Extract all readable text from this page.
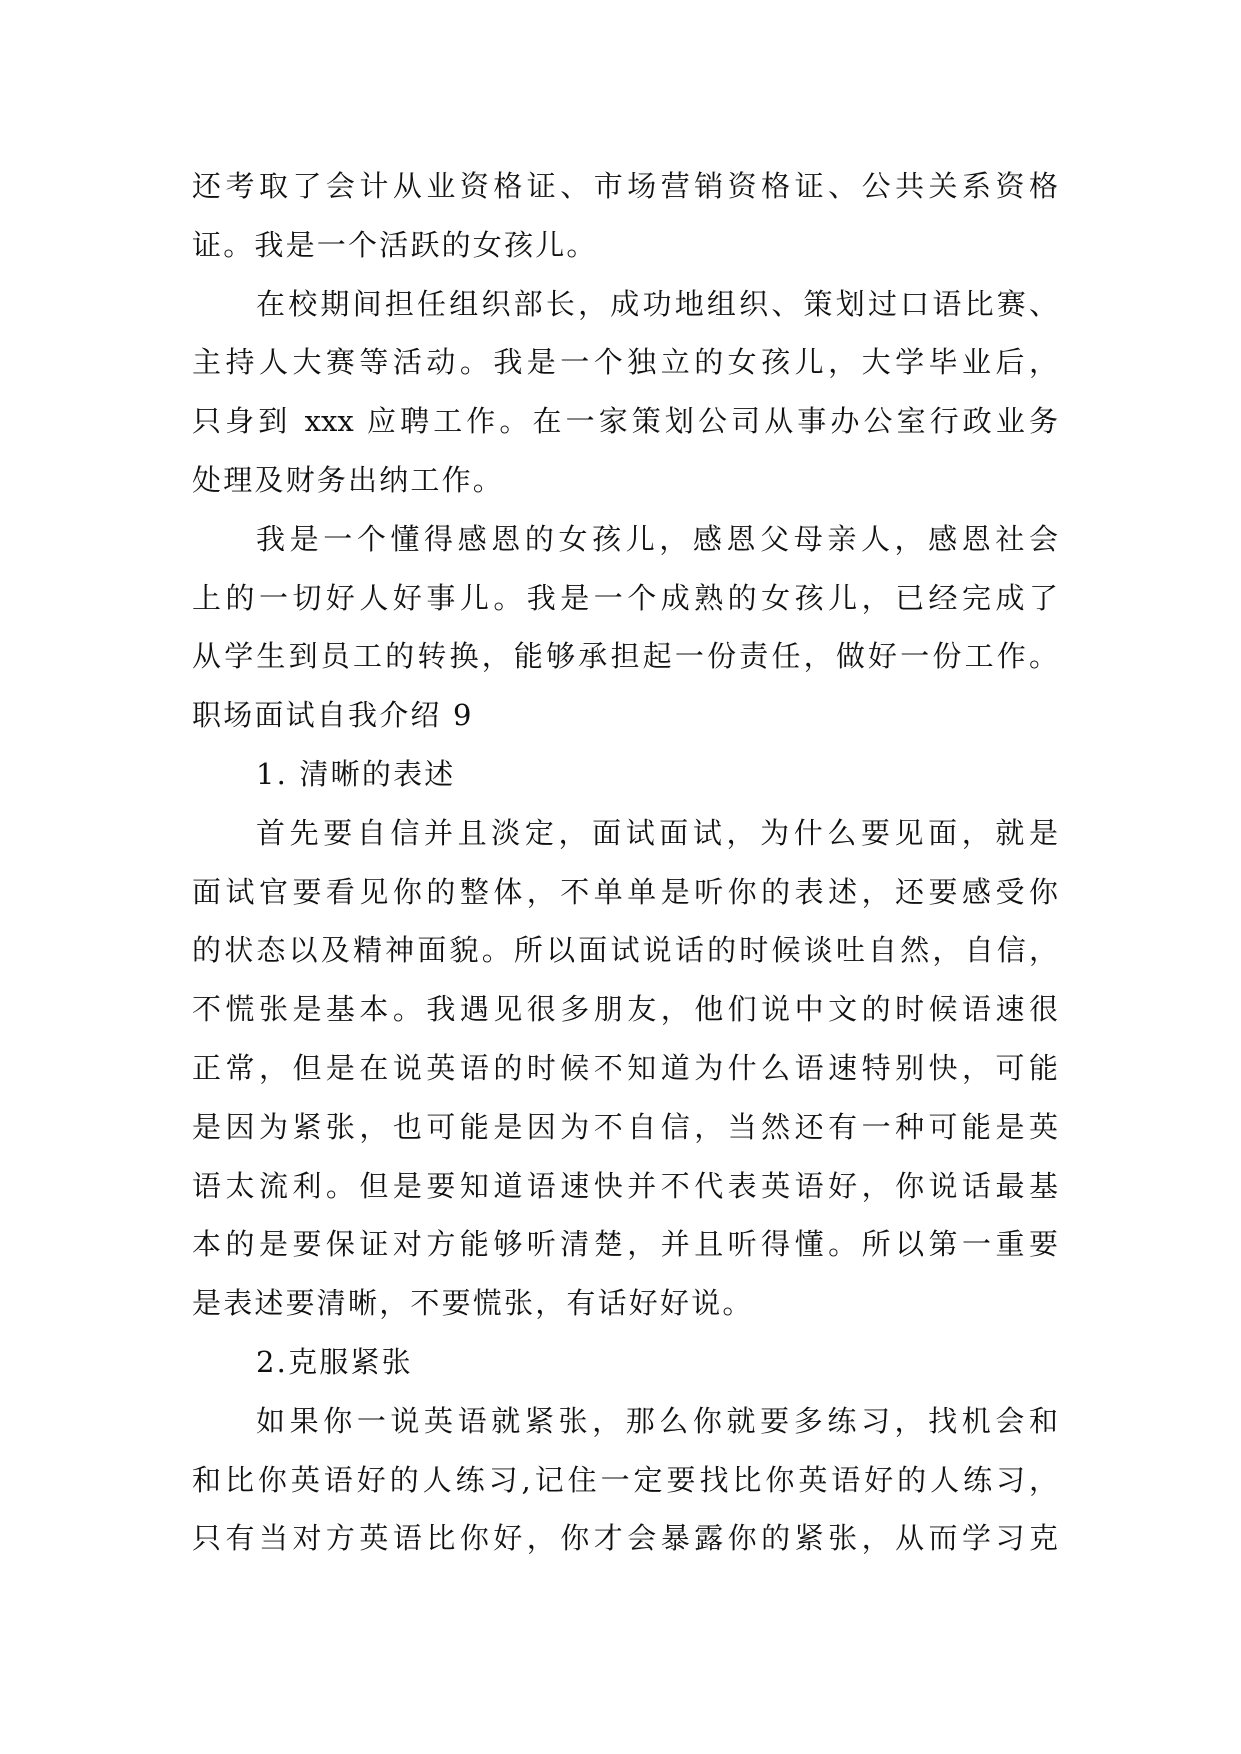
还考取了会计从业资格证、市场营销资格证、公共关系资格
证。我是一个活跃的女孩儿。
在校期间担任组织部长，成功地组织、策划过口语比赛、
主持人大赛等活动。我是一个独立的女孩儿，大学毕业后，
只身到 xxx 应聘工作。在一家策划公司从事办公室行政业务
处理及财务出纳工作。
我是一个懂得感恩的女孩儿，感恩父母亲人，感恩社会
上的一切好人好事儿。我是一个成熟的女孩儿，已经完成了
从学生到员工的转换，能够承担起一份责任，做好一份工作。
职场面试自我介绍 9
1. 清晰的表述
首先要自信并且淡定，面试面试，为什么要见面，就是
面试官要看见你的整体，不单单是听你的表述，还要感受你
的状态以及精神面貌。所以面试说话的时候谈吐自然，自信，
不慌张是基本。我遇见很多朋友，他们说中文的时候语速很
正常，但是在说英语的时候不知道为什么语速特别快，可能
是因为紧张，也可能是因为不自信，当然还有一种可能是英
语太流利。但是要知道语速快并不代表英语好，你说话最基
本的是要保证对方能够听清楚，并且听得懂。所以第一重要
是表述要清晰，不要慌张，有话好好说。
2.克服紧张
如果你一说英语就紧张，那么你就要多练习，找机会和
和比你英语好的人练习,记住一定要找比你英语好的人练习，
只有当对方英语比你好，你才会暴露你的紧张，从而学习克
